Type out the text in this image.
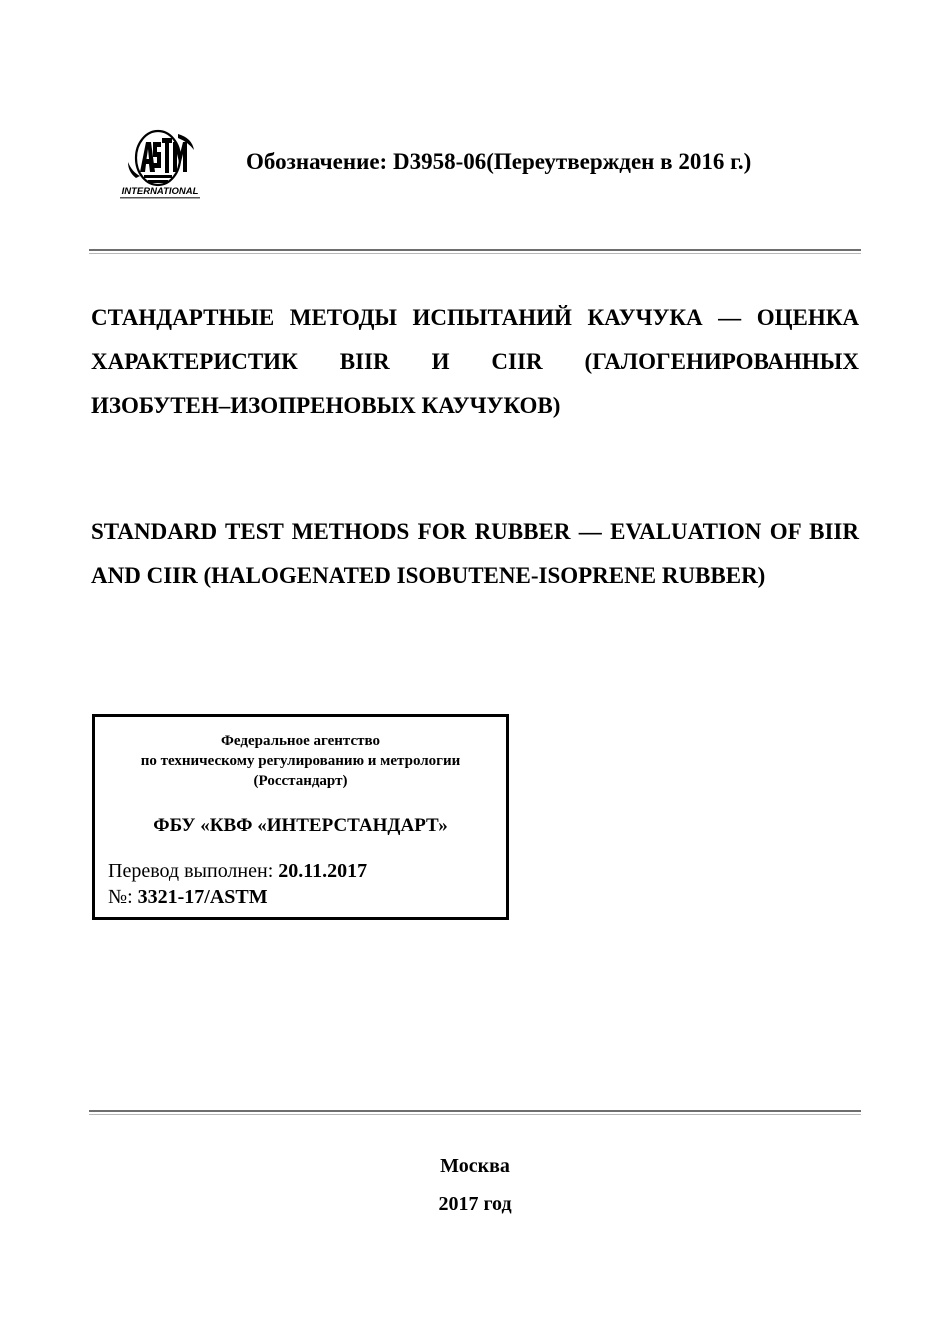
INTERNATIONAL
Обозначение: D3958-06(Переутвержден в 2016 г.)
СТАНДАРТНЫЕ МЕТОДЫ ИСПЫТАНИЙ КАУЧУКА — ОЦЕНКА ХАРАКТЕРИСТИК BIIR И CIIR (ГАЛОГЕНИРОВАННЫХ ИЗОБУТЕН–ИЗОПРЕНОВЫХ КАУЧУКОВ)
STANDARD TEST METHODS FOR RUBBER — EVALUATION OF BIIR AND CIIR (HALOGENATED ISOBUTENE-ISOPRENE RUBBER)
Федеральное агентство
по техническому регулированию и метрологии
(Росстандарт)
ФБУ «КВФ «ИНТЕРСТАНДАРТ»
Перевод выполнен: 20.11.2017
№: 3321-17/ASTM
Москва
2017 год
